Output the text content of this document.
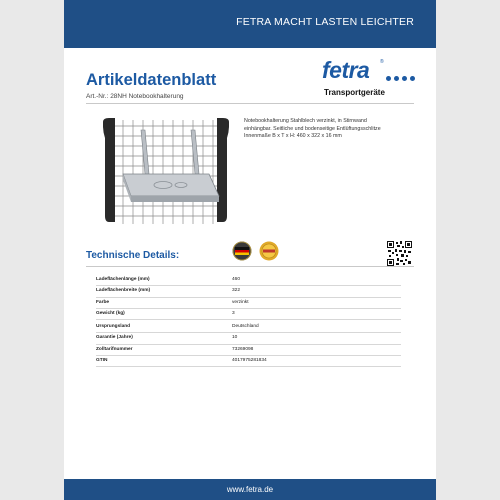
FETRA MACHT LASTEN LEICHTER
Artikeldatenblatt
Art.-Nr.: 28NH Notebookhalterung
fetra ®
Transportgeräte
Notebookhalterung Stahlblech verzinkt, in Stirnwand
einhängbar. Seitliche und bodenseitige Entlüftungsschlitze
Innenmaße B x T x H: 460 x 322 x 16 mm
Technische Details:
Ladeflächenlänge (mm)	460
Ladeflächenbreite (mm)	322
Farbe	verzinkt
Gewicht (kg)	3
Ursprungsland	Deutschland
Garantie (Jahre)	10
Zolltarifnummer	73269098
GTIN	4017975281834
www.fetra.de
